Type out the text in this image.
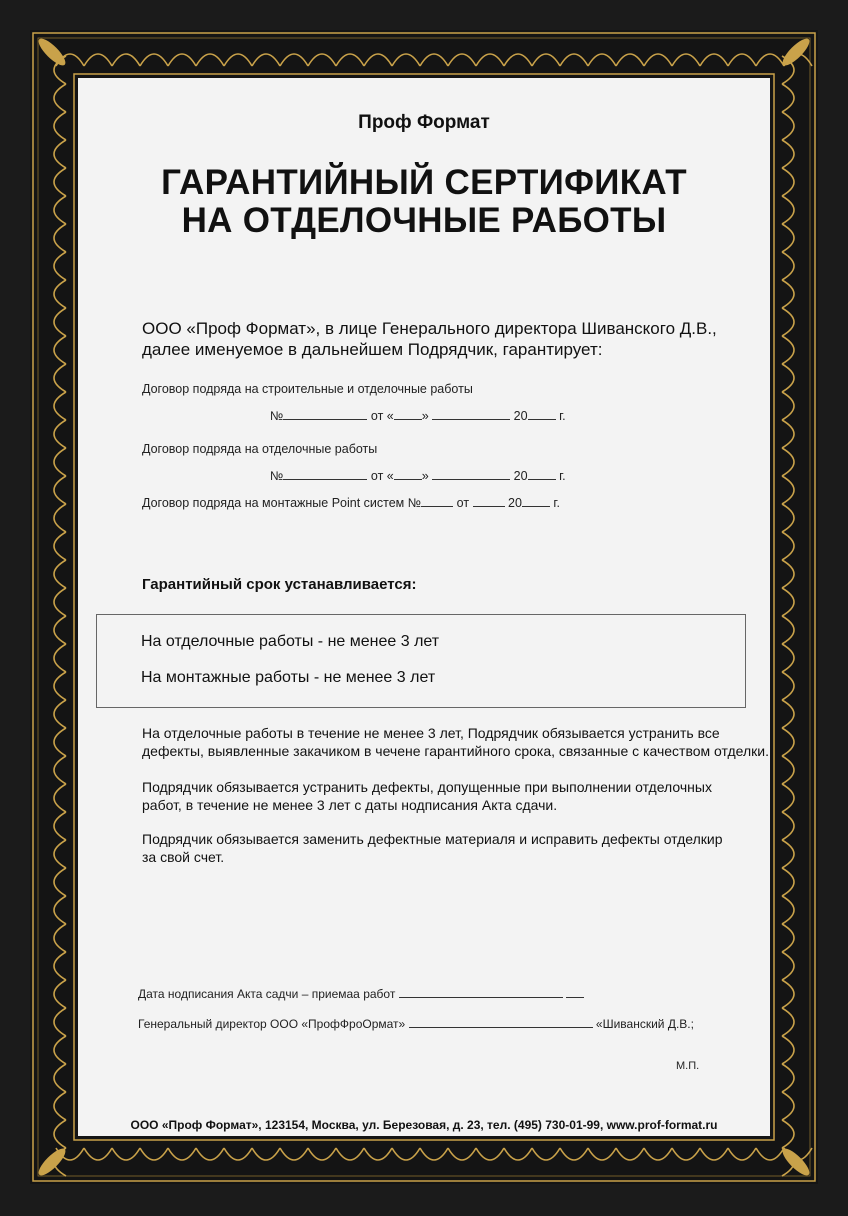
Проф Формат
ГАРАНТИЙНЫЙ СЕРТИФИКАТ
НА ОТДЕЛОЧНЫЕ РАБОТЫ
ООО «Проф Формат», в лице Генерального директора Шиванского Д.В.,
далее именуемое в дальнейшем Подрядчик, гарантирует:
Договор подряда на строительные и отделочные работы
№	от « »	20	г.
Договор подряда на отделочные работы
№	от « »	20	г.
Договор подряда на монтажные Point систем №	от	20	г.
Гарантийный срок устанавливается:
На отделочные работы - не менее 3 лет
На монтажные работы - не менее 3 лет
На отделочные работы в течение не менее 3 лет, Подрядчик обязывается устранить все
дефекты, выявленные закачиком в чечене гарантийного срока, связанные с качеством отделки.
Подрядчик обязывается устранить дефекты, допущенные при выполнении отделочных
работ, в течение не менее 3 лет с даты нодписания Акта сдачи.
Подрядчик обязывается заменить дефектные материаля и исправить дефекты отделкир
за свой счет.
Дата нодписания Акта садчи – приемаа работ
Генеральный директор ООО «ПрофФроОрмат»	«Шиванский Д.В.;
М.П.
ООО «Проф Формат», 123154, Москва, ул. Березовая, д. 23, тел. (495) 730-01-99, www.prof-format.ru
